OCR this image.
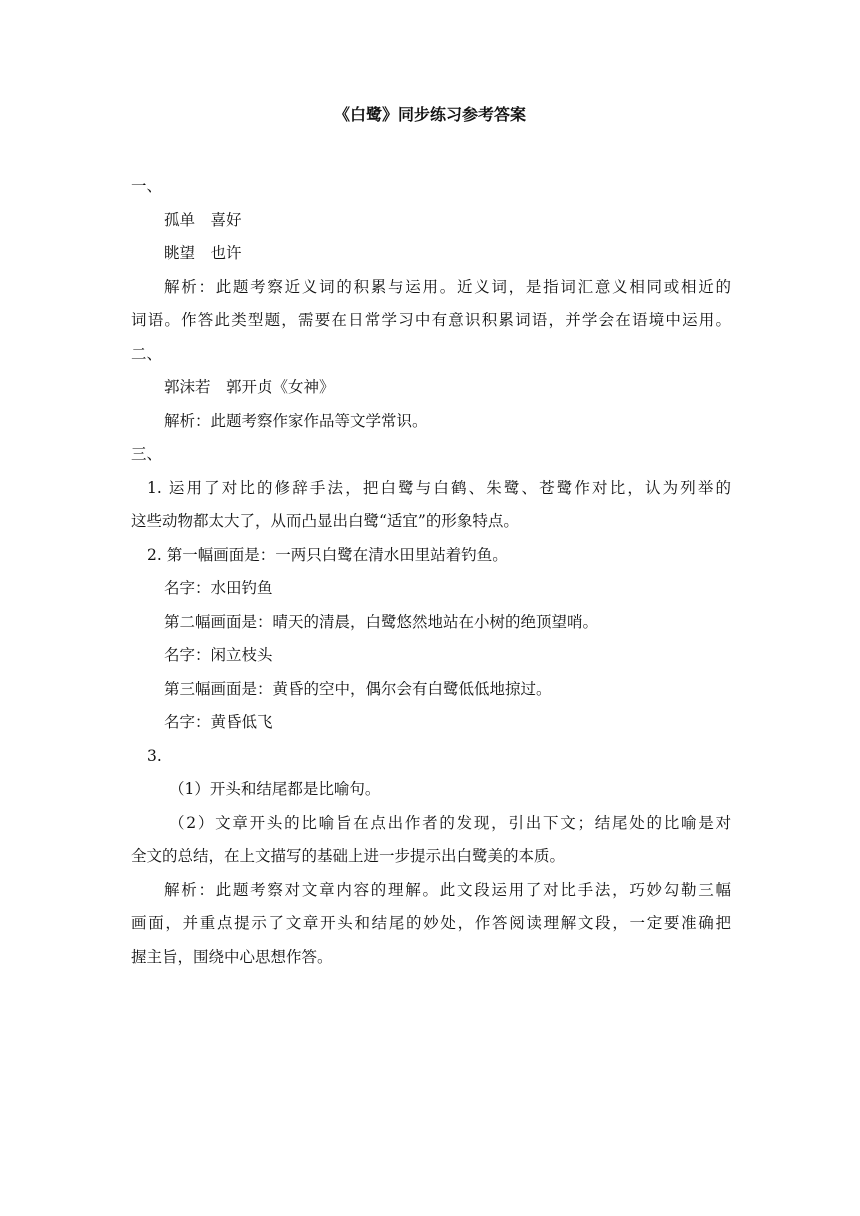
《白鹭》同步练习参考答案
一、
孤单　喜好
眺望　也许
解析：此题考察近义词的积累与运用。近义词，是指词汇意义相同或相近的
词语。作答此类型题，需要在日常学习中有意识积累词语，并学会在语境中运用。
二、
郭沫若　郭开贞《女神》
解析：此题考察作家作品等文学常识。
三、
1. 运用了对比的修辞手法，把白鹭与白鹤、朱鹭、苍鹭作对比，认为列举的
这些动物都太大了，从而凸显出白鹭“适宜”的形象特点。
2. 第一幅画面是：一两只白鹭在清水田里站着钓鱼。
名字：水田钓鱼
第二幅画面是：晴天的清晨，白鹭悠然地站在小树的绝顶望哨。
名字：闲立枝头
第三幅画面是：黄昏的空中，偶尔会有白鹭低低地掠过。
名字：黄昏低飞
3.
（1）开头和结尾都是比喻句。
（2）文章开头的比喻旨在点出作者的发现，引出下文；结尾处的比喻是对
全文的总结，在上文描写的基础上进一步提示出白鹭美的本质。
解析：此题考察对文章内容的理解。此文段运用了对比手法，巧妙勾勒三幅
画面，并重点提示了文章开头和结尾的妙处，作答阅读理解文段，一定要准确把
握主旨，围绕中心思想作答。
